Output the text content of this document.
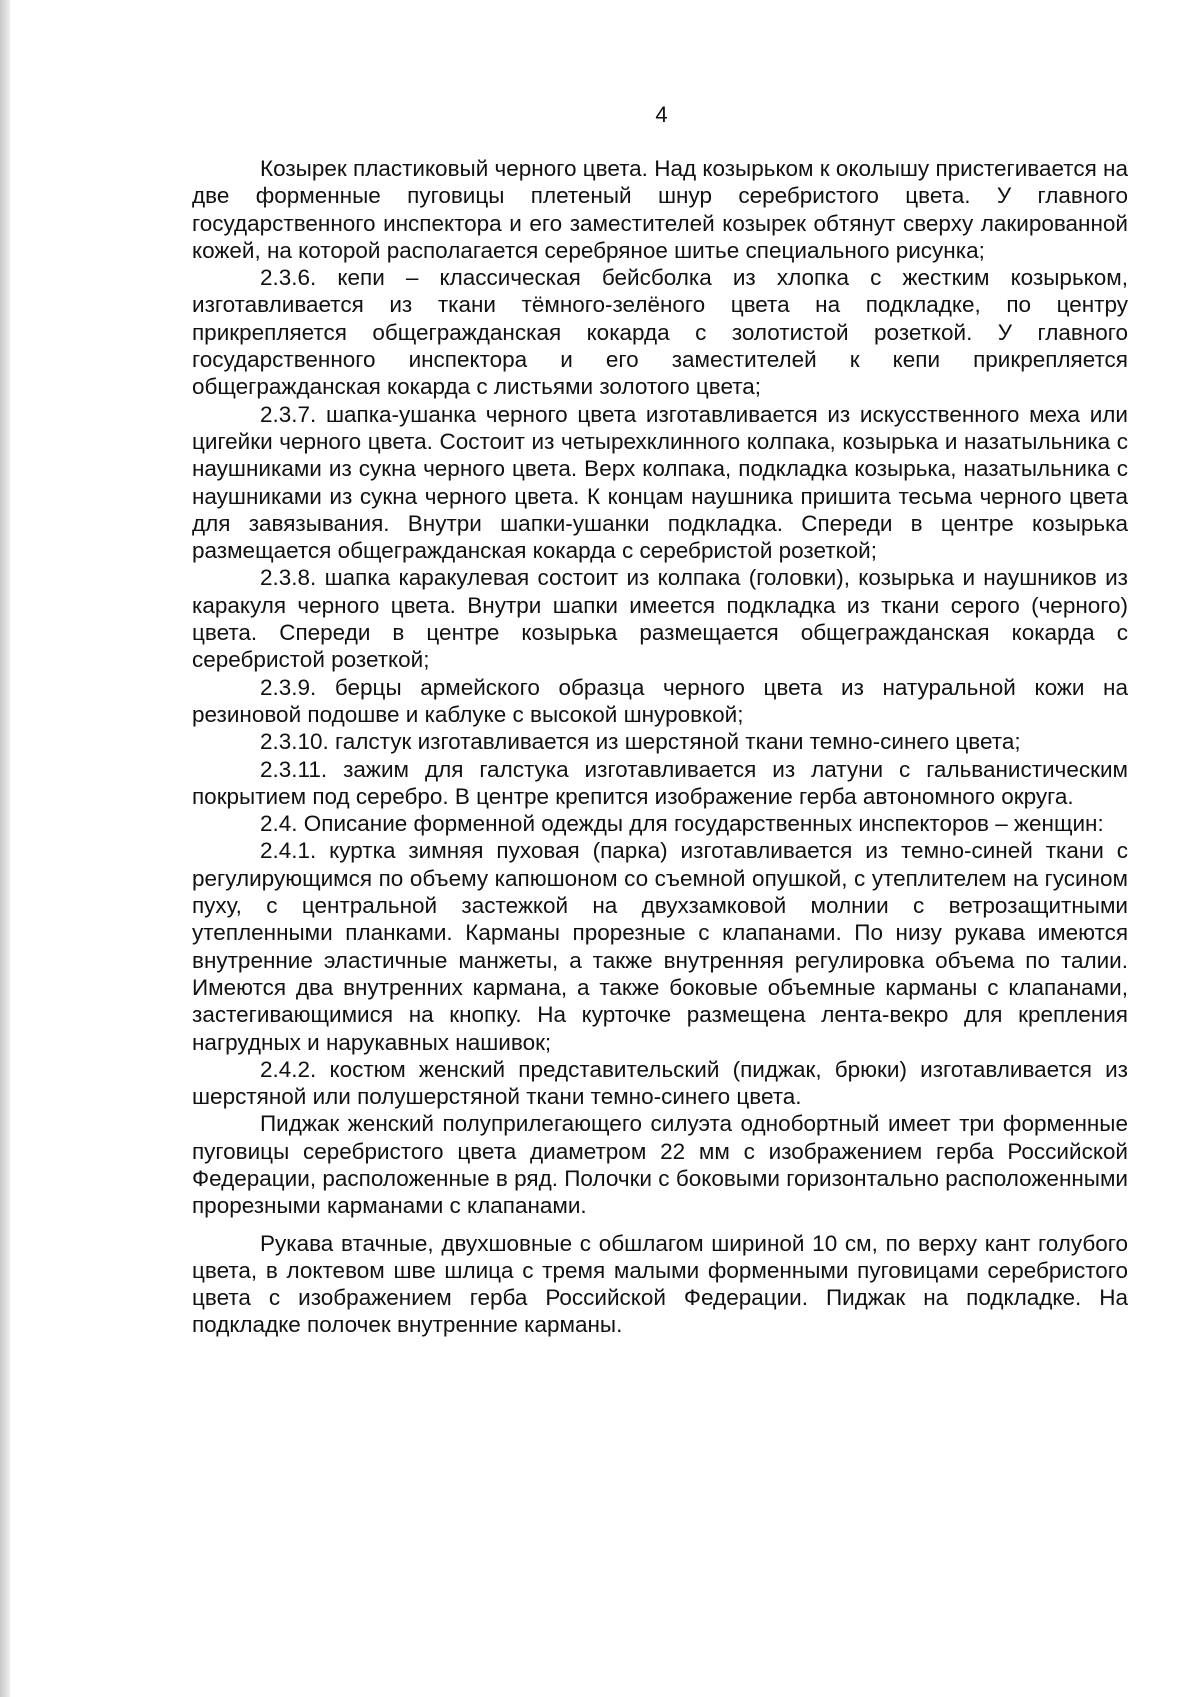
4

Козырек пластиковый черного цвета. Над козырьком к околышу пристегивается на две форменные пуговицы плетеный шнур серебристого цвета. У главного государственного инспектора и его заместителей козырек обтянут сверху лакированной кожей, на которой располагается серебряное шитье специального рисунка;

2.3.6. кепи – классическая бейсболка из хлопка с жестким козырьком, изготавливается из ткани тёмного-зелёного цвета на подкладке, по центру прикрепляется общегражданская кокарда с золотистой розеткой. У главного государственного инспектора и его заместителей к кепи прикрепляется общегражданская кокарда с листьями золотого цвета;

2.3.7. шапка-ушанка черного цвета изготавливается из искусственного меха или цигейки черного цвета. Состоит из четырехклинного колпака, козырька и назатыльника с наушниками из сукна черного цвета. Верх колпака, подкладка козырька, назатыльника с наушниками из сукна черного цвета. К концам наушника пришита тесьма черного цвета для завязывания. Внутри шапки-ушанки подкладка. Спереди в центре козырька размещается общегражданская кокарда с серебристой розеткой;

2.3.8. шапка каракулевая состоит из колпака (головки), козырька и наушников из каракуля черного цвета. Внутри шапки имеется подкладка из ткани серого (черного) цвета. Спереди в центре козырька размещается общегражданская кокарда с серебристой розеткой;

2.3.9. берцы армейского образца черного цвета из натуральной кожи на резиновой подошве и каблуке с высокой шнуровкой;

2.3.10. галстук изготавливается из шерстяной ткани темно-синего цвета;

2.3.11. зажим для галстука изготавливается из латуни с гальванистическим покрытием под серебро. В центре крепится изображение герба автономного округа.

2.4. Описание форменной одежды для государственных инспекторов – женщин:

2.4.1. куртка зимняя пуховая (парка) изготавливается из темно-синей ткани с регулирующимся по объему капюшоном со съемной опушкой, с утеплителем на гусином пуху, с центральной застежкой на двухзамковой молнии с ветрозащитными утепленными планками. Карманы прорезные с клапанами. По низу рукава имеются внутренние эластичные манжеты, а также внутренняя регулировка объема по талии. Имеются два внутренних кармана, а также боковые объемные карманы с клапанами, застегивающимися на кнопку. На курточке размещена лента-векро для крепления нагрудных и нарукавных нашивок;

2.4.2. костюм женский представительский (пиджак, брюки) изготавливается из шерстяной или полушерстяной ткани темно-синего цвета.

Пиджак женский полуприлегающего силуэта однобортный имеет три форменные пуговицы серебристого цвета диаметром 22 мм с изображением герба Российской Федерации, расположенные в ряд. Полочки с боковыми горизонтально расположенными прорезными карманами с клапанами.

Рукава втачные, двухшовные с обшлагом шириной 10 см, по верху кант голубого цвета, в локтевом шве шлица с тремя малыми форменными пуговицами серебристого цвета с изображением герба Российской Федерации. Пиджак на подкладке. На подкладке полочек внутренние карманы.
